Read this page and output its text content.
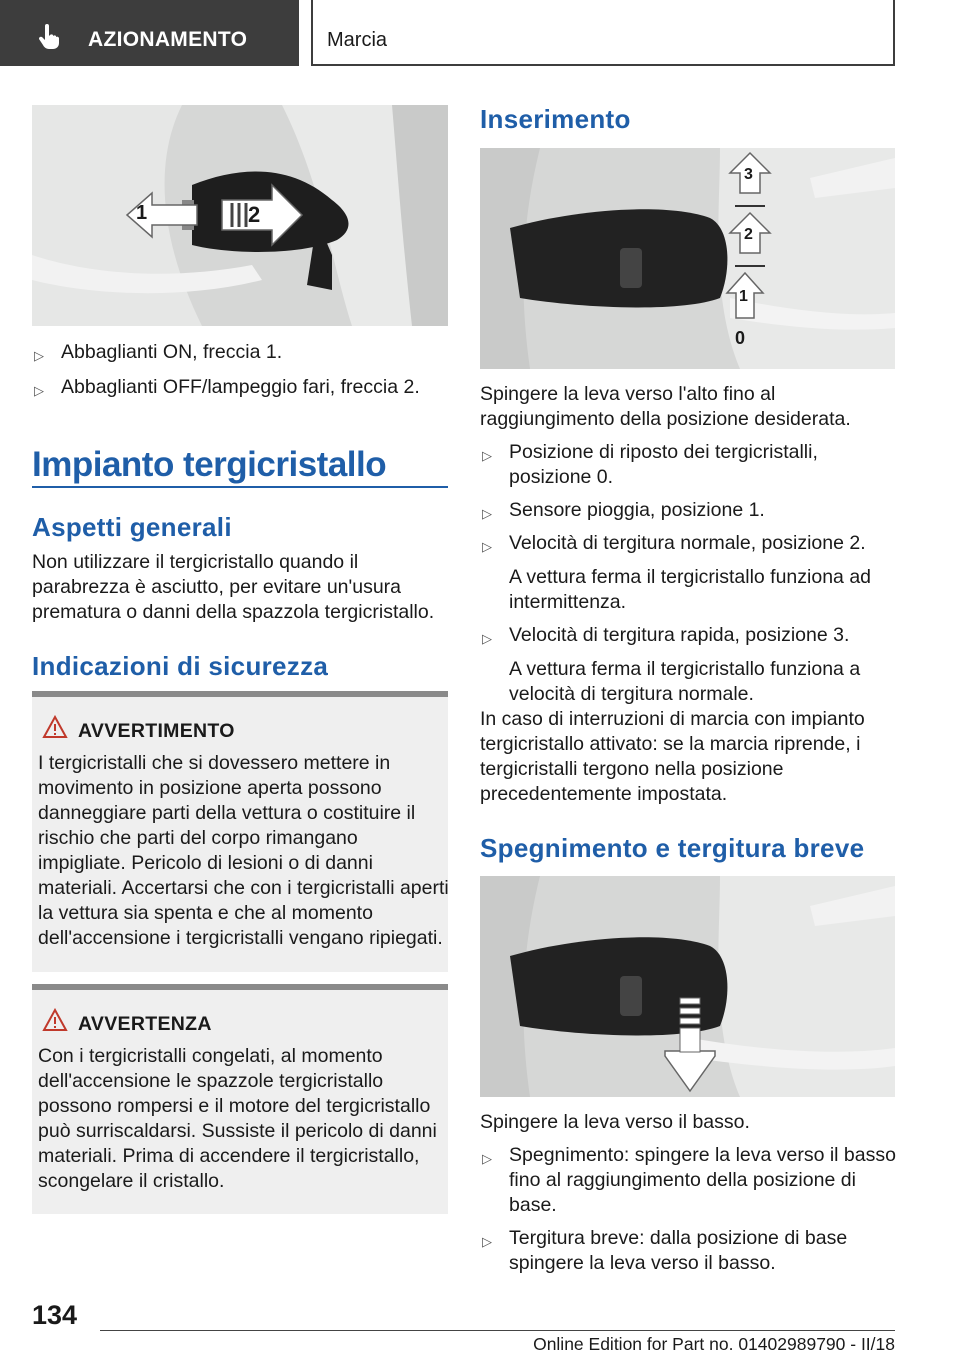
AZIONAMENTO	Marcia
1	2
▷ Abbaglianti ON, freccia 1.
▷ Abbaglianti OFF/lampeggio fari, freccia 2.
Impianto tergicristallo
Aspetti generali

Non utilizzare il tergicristallo quando il parabrezza è asciutto, per evitare un'usura prematura o danni della spazzola tergicristallo.

Indicazioni di sicurezza
AVVERTIMENTO

I tergicristalli che si dovessero mettere in movimento in posizione aperta possono danneggiare parti della vettura o costituire il rischio che parti del corpo rimangano impigliate. Pericolo di lesioni o di danni materiali. Accertarsi che con i tergicristalli aperti la vettura sia spenta e che al momento dell'accensione i tergicristalli vengano ripiegati.

AVVERTENZA

Con i tergicristalli congelati, al momento dell'accensione le spazzole tergicristallo possono rompersi e il motore del tergicristallo può surriscaldarsi. Sussiste il pericolo di danni materiali. Prima di accendere il tergicristallo, scongelare il cristallo.

Inserimento
3
2
1
0

Spingere la leva verso l'alto fino al raggiungimento della posizione desiderata.

▷ Posizione di riposto dei tergicristalli, posizione 0.
▷ Sensore pioggia, posizione 1.
▷ Velocità di tergitura normale, posizione 2.
A vettura ferma il tergicristallo funziona ad intermittenza.
▷ Velocità di tergitura rapida, posizione 3.
A vettura ferma il tergicristallo funziona a velocità di tergitura normale.

In caso di interruzioni di marcia con impianto tergicristallo attivato: se la marcia riprende, i tergicristalli tergono nella posizione precedentemente impostata.

Spegnimento e tergitura breve

Spingere la leva verso il basso.

▷ Spegnimento: spingere la leva verso il basso fino al raggiungimento della posizione di base.
▷ Tergitura breve: dalla posizione di base spingere la leva verso il basso.
134
Online Edition for Part no. 01402989790 - II/18
